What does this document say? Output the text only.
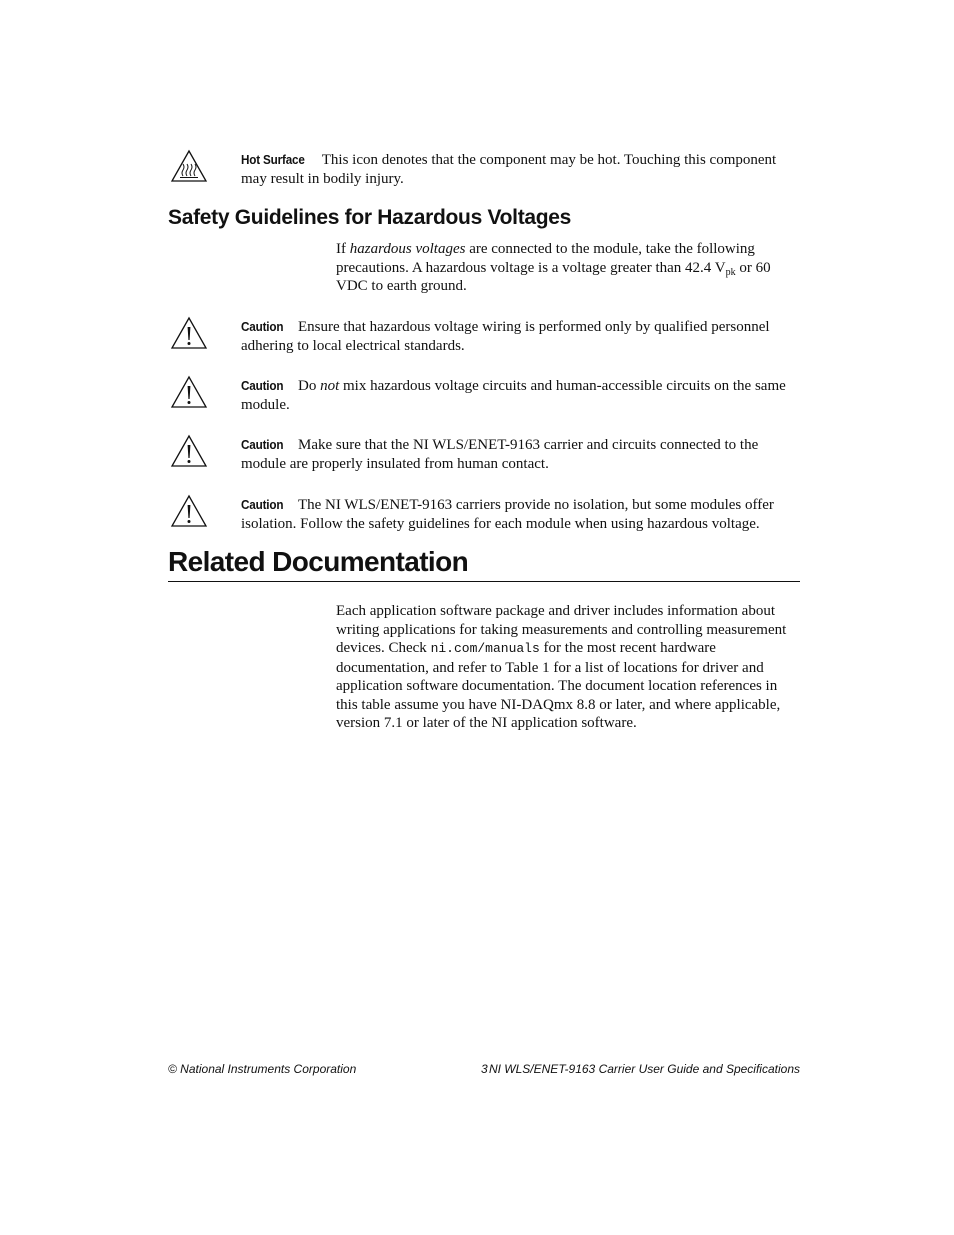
Hot Surface This icon denotes that the component may be hot. Touching this component may result in bodily injury.
Safety Guidelines for Hazardous Voltages

If hazardous voltages are connected to the module, take the following precautions. A hazardous voltage is a voltage greater than 42.4 $V_{pk}$ or 60 VDC to earth ground.

Caution Ensure that hazardous voltage wiring is performed only by qualified personnel adhering to local electrical standards.
Caution Do not mix hazardous voltage circuits and human-accessible circuits on the same module.
Caution Make sure that the NI WLS/ENET-9163 carrier and circuits connected to the module are properly insulated from human contact.
Caution The NI WLS/ENET-9163 carriers provide no isolation, but some modules offer isolation. Follow the safety guidelines for each module when using hazardous voltage.
Related Documentation

Each application software package and driver includes information about writing applications for taking measurements and controlling measurement devices. Check ni.com/manuals for the most recent hardware documentation, and refer to Table 1 for a list of locations for driver and application software documentation. The document location references in this table assume you have NI-DAQmx 8.8 or later, and where applicable, version 7.1 or later of the NI application software.

© National Instruments Corporation	3 NI WLS/ENET-9163 Carrier User Guide and Specifications
